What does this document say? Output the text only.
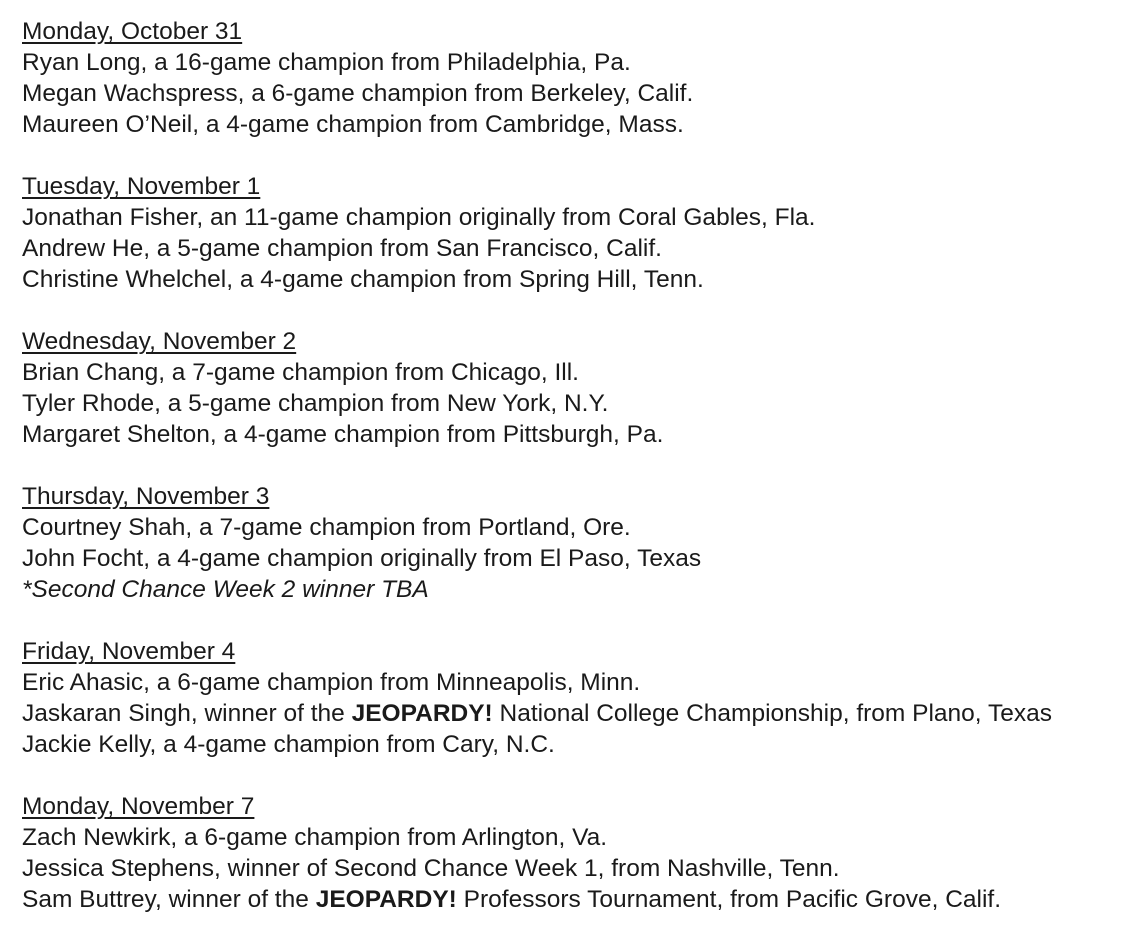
Monday, October 31
Ryan Long, a 16-game champion from Philadelphia, Pa.
Megan Wachspress, a 6-game champion from Berkeley, Calif.
Maureen O’Neil, a 4-game champion from Cambridge, Mass.
Tuesday, November 1
Jonathan Fisher, an 11-game champion originally from Coral Gables, Fla.
Andrew He, a 5-game champion from San Francisco, Calif.
Christine Whelchel, a 4-game champion from Spring Hill, Tenn.
Wednesday, November 2
Brian Chang, a 7-game champion from Chicago, Ill.
Tyler Rhode, a 5-game champion from New York, N.Y.
Margaret Shelton, a 4-game champion from Pittsburgh, Pa.
Thursday, November 3
Courtney Shah, a 7-game champion from Portland, Ore.
John Focht, a 4-game champion originally from El Paso, Texas
*Second Chance Week 2 winner TBA
Friday, November 4
Eric Ahasic, a 6-game champion from Minneapolis, Minn.
Jaskaran Singh, winner of the JEOPARDY! National College Championship, from Plano, Texas
Jackie Kelly, a 4-game champion from Cary, N.C.
Monday, November 7
Zach Newkirk, a 6-game champion from Arlington, Va.
Jessica Stephens, winner of Second Chance Week 1, from Nashville, Tenn.
Sam Buttrey, winner of the JEOPARDY! Professors Tournament, from Pacific Grove, Calif.
